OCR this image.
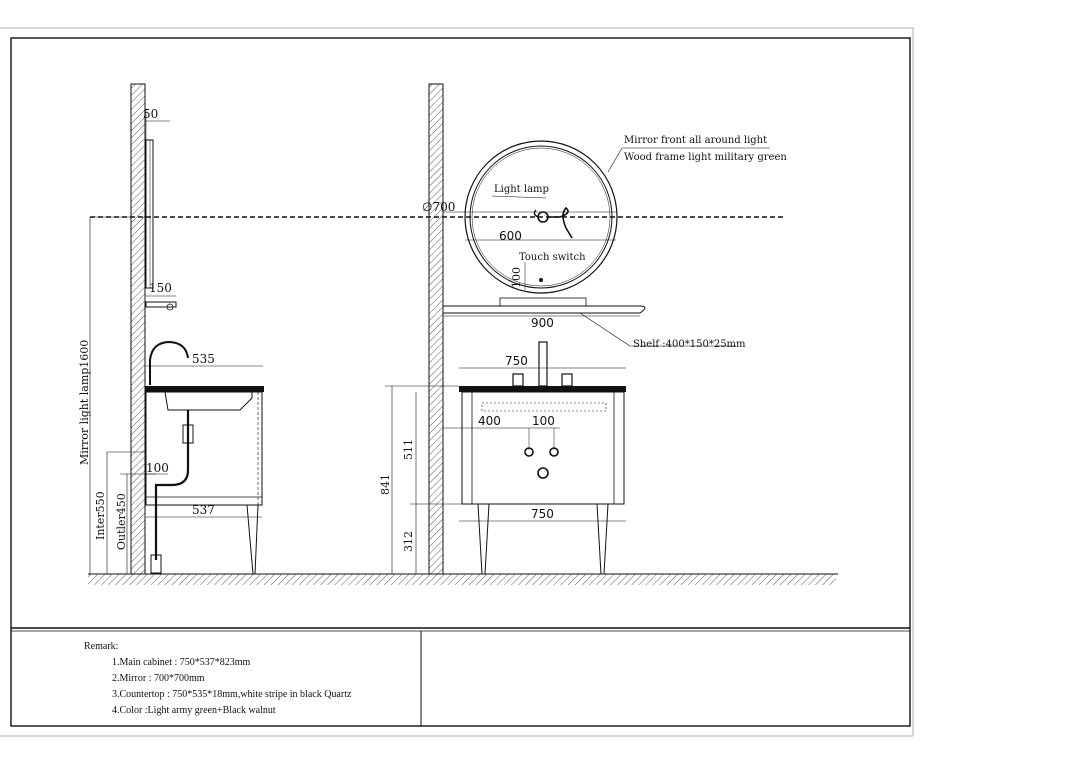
50
150
535
100
537
Mirror light lamp1600
Inter550 Outler450
∅700
600
Light lamp
Touch switch
100
Mirror front all around light
Wood frame light military green
900
Shelf :400*150*25mm
750
400	100
750
841
511
312
Remark:
1.Main cabinet : 750*537*823mm
2.Mirror : 700*700mm
3.Countertop : 750*535*18mm,white stripe in black Quartz
4.Color :Light army green+Black walnut
